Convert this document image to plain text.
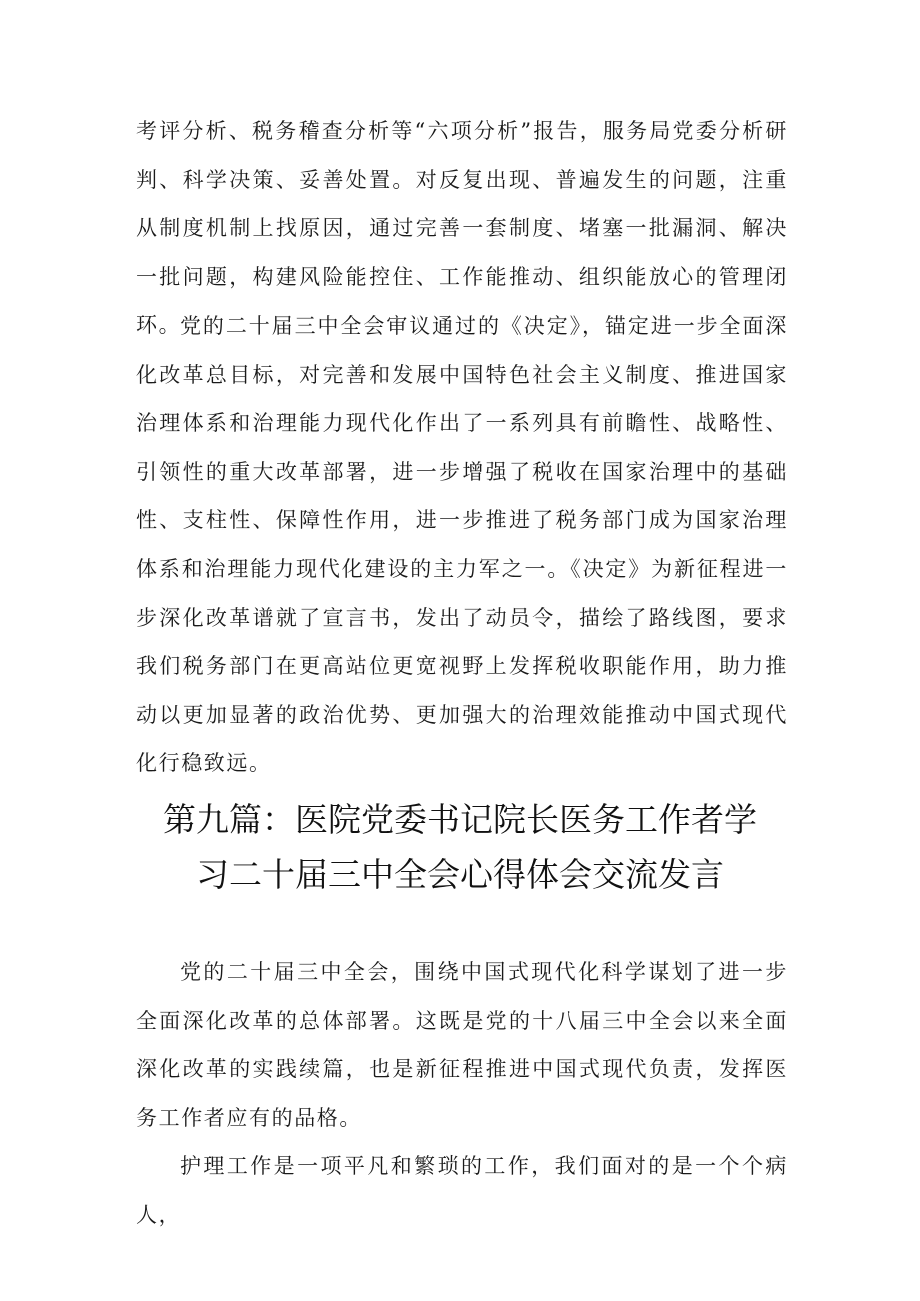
考评分析、税务稽查分析等“六项分析”报告，服务局党委分析研判、科学决策、妥善处置。对反复出现、普遍发生的问题，注重从制度机制上找原因，通过完善一套制度、堵塞一批漏洞、解决一批问题，构建风险能控住、工作能推动、组织能放心的管理闭环。

党的二十届三中全会审议通过的《决定》，锚定进一步全面深化改革总目标，对完善和发展中国特色社会主义制度、推进国家治理体系和治理能力现代化作出了一系列具有前瞻性、战略性、引领性的重大改革部署，进一步增强了税收在国家治理中的基础性、支柱性、保障性作用，进一步推进了税务部门成为国家治理体系和治理能力现代化建设的主力军之一。《决定》为新征程进一步深化改革谱就了宣言书，发出了动员令，描绘了路线图，要求我们税务部门在更高站位更宽视野上发挥税收职能作用，助力推动以更加显著的政治优势、更加强大的治理效能推动中国式现代化行稳致远。

第九篇：医院党委书记院长医务工作者学
习二十届三中全会心得体会交流发言

党的二十届三中全会，围绕中国式现代化科学谋划了进一步全面深化改革的总体部署。这既是党的十八届三中全会以来全面深化改革的实践续篇，也是新征程推进中国式现代负责，发挥医务工作者应有的品格。

护理工作是一项平凡和繁琐的工作，我们面对的是一个个病人，
